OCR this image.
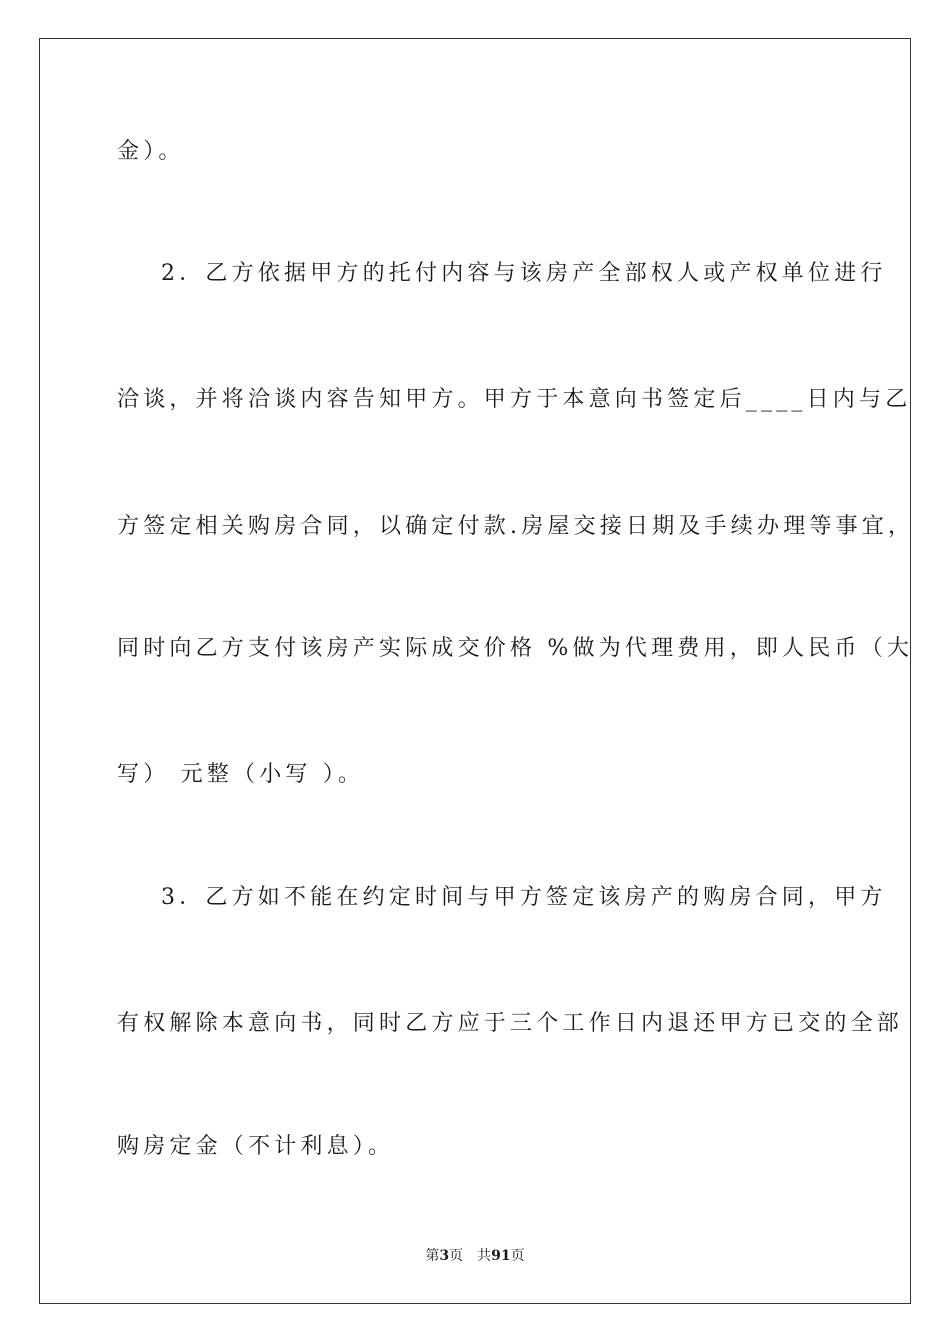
金）。
2．乙方依据甲方的托付内容与该房产全部权人或产权单位进行
洽谈，并将洽谈内容告知甲方。甲方于本意向书签定后____日内与乙
方签定相关购房合同，以确定付款.房屋交接日期及手续办理等事宜，
同时向乙方支付该房产实际成交价格 %做为代理费用，即人民币（大
写） 元整（小写 ）。
3．乙方如不能在约定时间与甲方签定该房产的购房合同，甲方
有权解除本意向书，同时乙方应于三个工作日内退还甲方已交的全部
购房定金（不计利息）。
第3页 共91页
